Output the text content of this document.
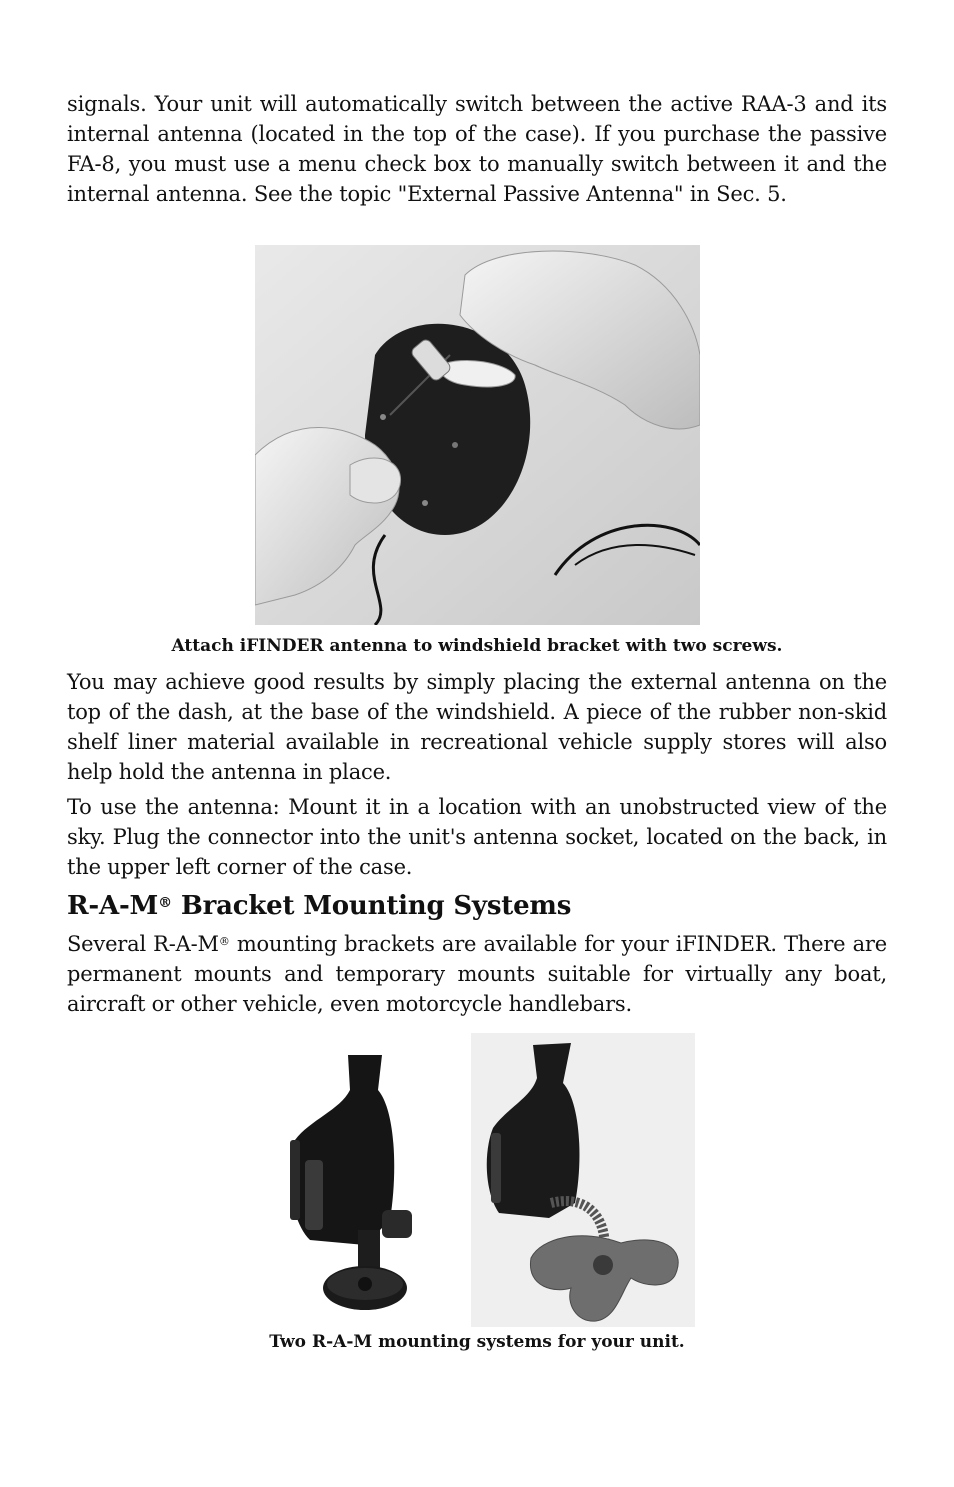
signals. Your unit will automatically switch between the active RAA-3 and its internal antenna (located in the top of the case). If you purchase the passive FA-8, you must use a menu check box to manually switch between it and the internal antenna. See the topic "External Passive Antenna" in Sec. 5.

Attach iFINDER antenna to windshield bracket with two screws.

You may achieve good results by simply placing the external antenna on the top of the dash, at the base of the windshield. A piece of the rubber non-skid shelf liner material available in recreational vehicle supply stores will also help hold the antenna in place.

To use the antenna: Mount it in a location with an unobstructed view of the sky. Plug the connector into the unit's antenna socket, located on the back, in the upper left corner of the case.

R-A-M® Bracket Mounting Systems

Several R-A-M® mounting brackets are available for your iFINDER. There are permanent mounts and temporary mounts suitable for virtually any boat, aircraft or other vehicle, even motorcycle handlebars.

Two R-A-M mounting systems for your unit.
